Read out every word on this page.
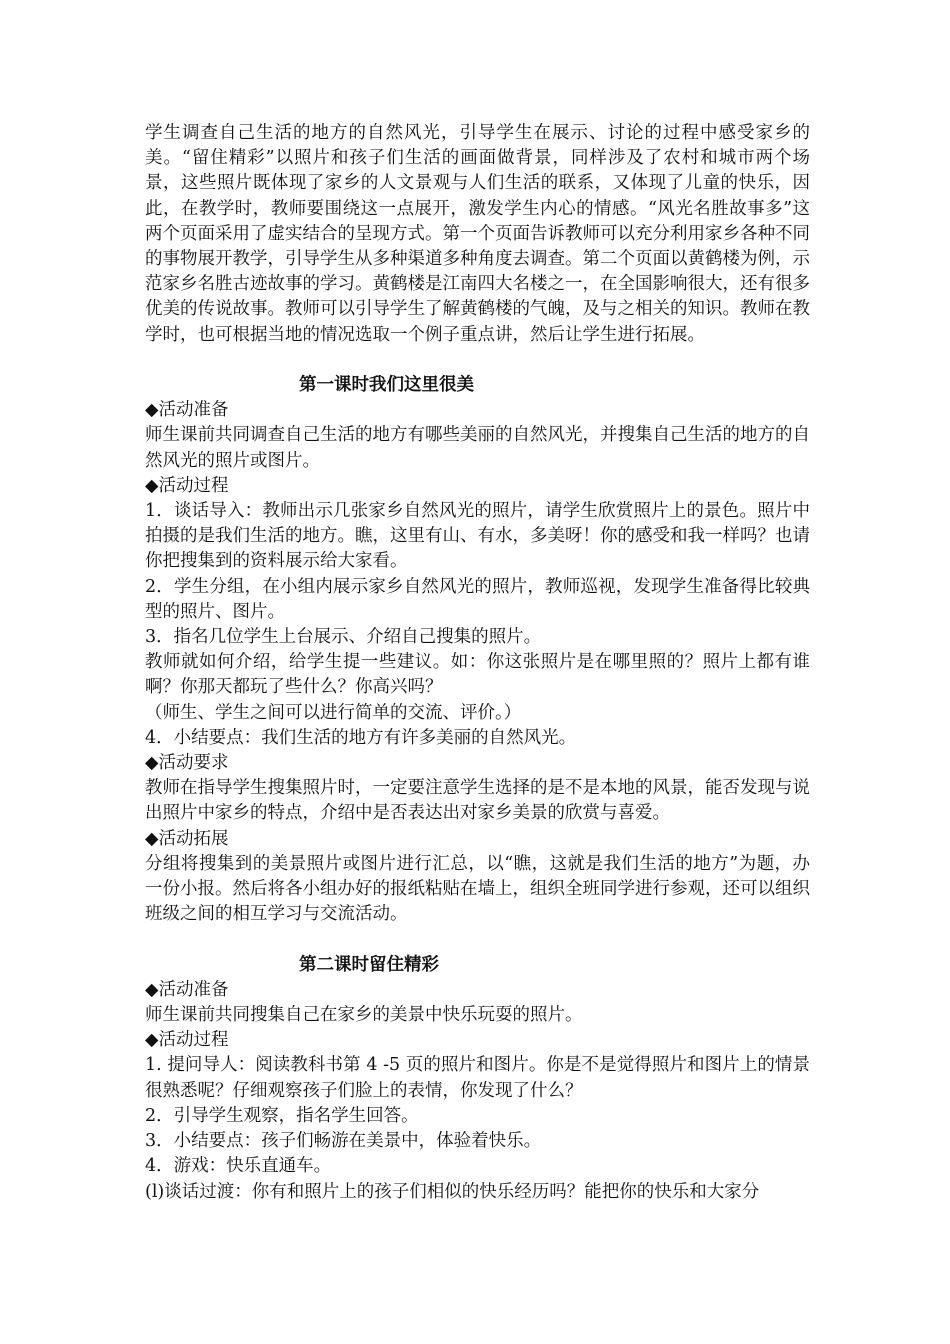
学生调查自己生活的地方的自然风光，引导学生在展示、讨论的过程中感受家乡的美。“留住精彩”以照片和孩子们生活的画面做背景，同样涉及了农村和城市两个场景，这些照片既体现了家乡的人文景观与人们生活的联系，又体现了儿童的快乐，因此，在教学时，教师要围绕这一点展开，激发学生内心的情感。“风光名胜故事多”这两个页面采用了虚实结合的呈现方式。第一个页面告诉教师可以充分利用家乡各种不同的事物展开教学，引导学生从多种渠道多种角度去调查。第二个页面以黄鹤楼为例，示范家乡名胜古迹故事的学习。黄鹤楼是江南四大名楼之一，在全国影响很大，还有很多优美的传说故事。教师可以引导学生了解黄鹤楼的气魄，及与之相关的知识。教师在教学时，也可根据当地的情况选取一个例子重点讲，然后让学生进行拓展。

第一课时我们这里很美

◆活动准备

师生课前共同调查自己生活的地方有哪些美丽的自然风光，并搜集自己生活的地方的自然风光的照片或图片。

◆活动过程

1．谈话导入：教师出示几张家乡自然风光的照片，请学生欣赏照片上的景色。照片中拍摄的是我们生活的地方。瞧，这里有山、有水，多美呀！你的感受和我一样吗？也请你把搜集到的资料展示给大家看。

2．学生分组，在小组内展示家乡自然风光的照片，教师巡视，发现学生准备得比较典型的照片、图片。

3．指名几位学生上台展示、介绍自己搜集的照片。

教师就如何介绍，给学生提一些建议。如：你这张照片是在哪里照的？照片上都有谁啊？你那天都玩了些什么？你高兴吗？

（师生、学生之间可以进行简单的交流、评价。）

4．小结要点：我们生活的地方有许多美丽的自然风光。

◆活动要求

教师在指导学生搜集照片时，一定要注意学生选择的是不是本地的风景，能否发现与说出照片中家乡的特点，介绍中是否表达出对家乡美景的欣赏与喜爱。

◆活动拓展

分组将搜集到的美景照片或图片进行汇总，以“瞧，这就是我们生活的地方”为题，办一份小报。然后将各小组办好的报纸粘贴在墙上，组织全班同学进行参观，还可以组织班级之间的相互学习与交流活动。

第二课时留住精彩

◆活动准备

师生课前共同搜集自己在家乡的美景中快乐玩耍的照片。

◆活动过程

1. 提问导人：阅读教科书第 4 -5 页的照片和图片。你是不是觉得照片和图片上的情景很熟悉呢？仔细观察孩子们脸上的表情，你发现了什么？

2．引导学生观察，指名学生回答。

3．小结要点：孩子们畅游在美景中，体验着快乐。

4．游戏：快乐直通车。

(l)谈话过渡：你有和照片上的孩子们相似的快乐经历吗？能把你的快乐和大家分
